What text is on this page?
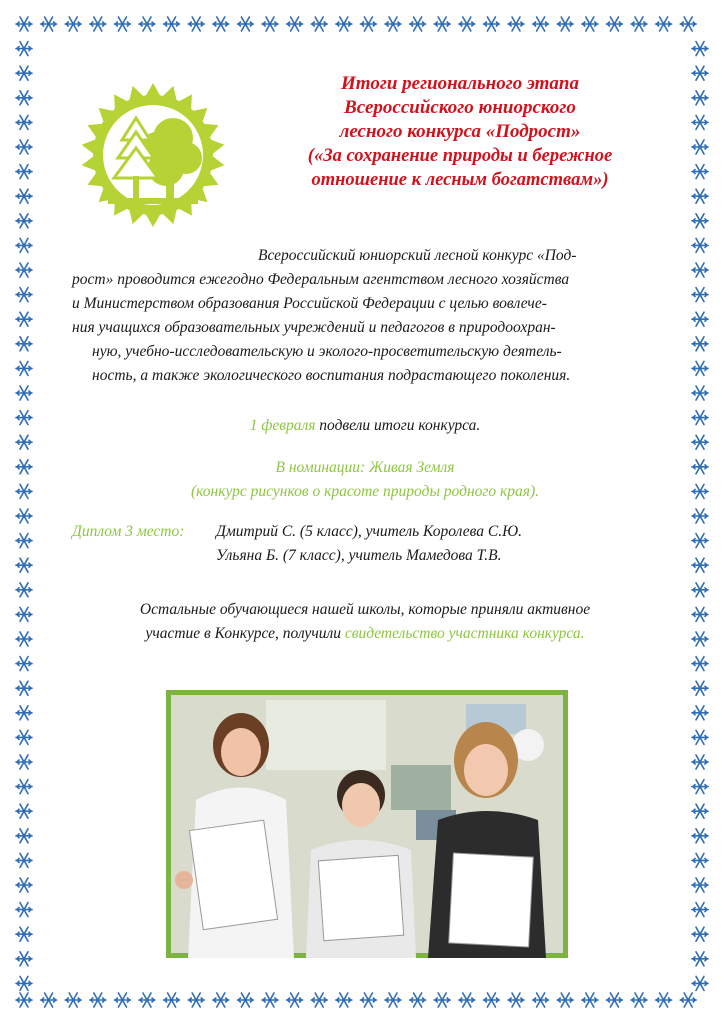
Итоги регионального этапа
Всероссийского юниорского
лесного конкурса «Подрост»
(«За сохранение природы и бережное
отношение к лесным богатствам»)
Всероссийский юниорский лесной конкурс «Под-
рост» проводится ежегодно Федеральным агентством лесного хозяйства
и Министерством образования Российской Федерации с целью вовлече-
ния учащихся образовательных учреждений и педагогов в природоохран-
ную, учебно-исследовательскую и эколого-просветительскую деятель-
ность, а также экологического воспитания подрастающего поколения.
1 февраля подвели итоги конкурса.
В номинации: Живая Земля
(конкурс рисунков о красоте природы родного края).
Диплом 3 место: Дмитрий С. (5 класс), учитель Королева С.Ю.
Ульяна Б. (7 класс), учитель Мамедова Т.В.
Остальные обучающиеся нашей школы, которые приняли активное
участие в Конкурсе, получили свидетельство участника конкурса.
